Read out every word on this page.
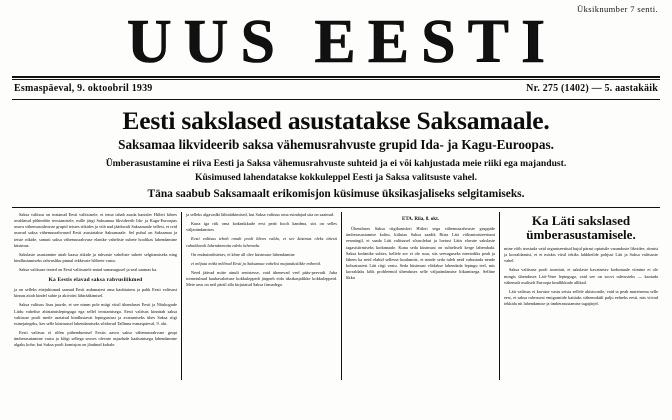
Üksiknumber 7 senti.
UUS EESTI
Esmaspäeval, 9. oktoobril 1939	Nr. 275 (1402) — 5. aastakäik
Eesti sakslased asustatakse Saksamaale.
Saksamaa likvideerib saksa vähemusrahvuste grupid Ida- ja Kagu-Euroopas.
Ümberasustamine ei riiva Eesti ja Saksa vähemusrahvuste suhteid ja ei või kahjustada meie riiki ega majandust.
Küsimused lahendatakse kokkuleppel Eesti ja Saksa valitsuste vahel.
Täna saabub Saksamaalt erikomisjon küsimuse üksikasjaliseks selgitamiseks.

Saksa valitsus on teatanud Eesti valitsusele, et tema tahab asuda kantsler Hitleri kõnes avaldatud põhimõtte teostamisele, mille järgi Saksamaa likvideerib Ida- ja Kagu-Euroopas asuva vähemusrahvuste grupid teistes riikides ja viib nad jääduvalt Saksamaale sellest, et reid asuvad saksa vähemusrahvused Eesti asustatakse Saksamaale. Sel puhul on Saksamaa ja teiste riikide, samuti saksa vähemusrahvuse elanike vaheliste suhete hoolikas lahendamine küsimus.

Sakslaste asustamine aitab kaasa riikide ja rahvaste vaheliste suhete selgitamiseks ning kindlustamiseks rahvusliku pinnal tekkivate hõõrete vastu.

Saksa valitsuse teated on Eesti valitsusele antud samasugusel ja seal saamas ka.

Ka Eestis elavad saksa rahvusliikmed

ja on selleks ettejuhtunud saanud Eesti asdamatest oma kaubiaiavu ja pahk Eesti valitsust kinnas aitab kindel suhte ja akivoini läbirääkimisel.

Saksa valitsus lisas juurde, et see nimm pole miigi viisil ühenduses Eesti ja Nõukogude Liidu vahelise abistamislepinguga ega sellel teostamisega. Eesti valitsus kinnitab saksa valitsuse poolt meile asetatud kindlustavat lepingustust ja avatamiseks ühes Saksa riigi esinejategeks, kes selle küsimusel lahendamiseks sõidavad Tallinna esmaspäeval, 9. okt.

Eesti valitsus ei rõõm pühendumisel Eestis aasva saksa vähemusrahvuse grupi ümberasutamine vastu ja kõigi sellega seoses olevate asjaolude kaalumisega lahendamine algaks kohe, kui Saksa poolt komisjon on jõudnud kohale.

ja selleks algavadki läbirääkimised, kui Saksa valitsus oma esindajad siia on saatnud.

Kuna iga riik oma kodanikkude eest peab hoolt kandma, siis on selles väljarändamises

Eesti valitsus tehnb omalt poolt kõnes valdu, et see küsimus oleks täiesti rahuldavalt lahendamotta edeks lahenedu.

On endastmõistetav, et kõne all olev küsimuse lahendamine

ei mõjuta mitki mõõrad Eesti ja Saksamaa vahelisi majanduslikke mihreid.

Need jäävad mitte ainult senistesse, vaid ühenevad veel pääs-peevadi. Juba toimetulnud kaubavahetuse kokkuleppedi järgneb eida üksikasjalikke kokkuleppeid. Meie arus on neil pärtil alla kirjutatud Saksa firmadega

ETA. Riia, 8. okt.

Ühenduses Saksa riigikantsleri Hitleri sega vähemusrahvuste gruppide ümberasustamise kohtu, kiilutas Saksa saadik Riias Läti välisministeeriumi eesmärgil, et saada Läti valitsusel sõusolekut ja loetust Lätis elavate sakslaste tagasisiirmiseks kodumaale. Kuna seda küsimust on suhteliselt kerge lahendada. Saksa kodanike suhtes, kellele arv ei ole suur, siis seesuguseks meetodiks peab ja lähem ka neid elabid sellesse kuulumist, et nende seda tuleb neid vabastada nende kohustustest Läti riigi vastu. Seda küsimust võidakse lahendada lepingu teel, mis korraldaks kõik probleemid ühenduses selle väljarändamise liikumisega. Selline likku

Ka Läti sakslased ümberasustamisele.

mine võib teostuda vaid organiseeritud kujul pärast optatsile varanduste likvidee, riimist ja korraldamist, et ei miskis viisil tekiks lahkheilde pohjusi Läti ja Saksa valitsuste vahel.

Saksa valitsuse poolt toonitati, et sakslaste kavatsetav kodumaale viimine ei ole mingis ühenduses Läti-Vene lepinguga, vaid see on soovi rahvusteks — kaotada vähemalt osaliselt Euroopa kindlikkude allikad.

Läti valitsus ei kavatse vastu seista sellele aktsioonile, vaid ta peab muretsema selle eest, et saksa rahvusest emigrantide kaittaks vähemukült palju eelneks eesti, mis viivad tekkida nii lahendamise ja ümberasustamise tagajärjel.
